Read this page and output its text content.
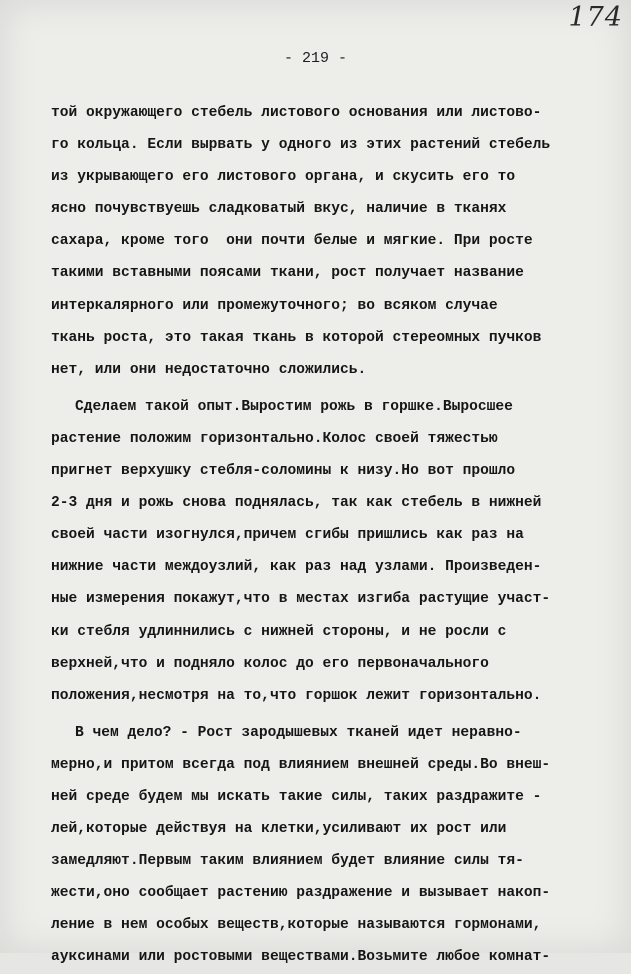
174
- 219 -
той окружающего стебель листового основания или листово-
го кольца. Если вырвать у одного из этих растений стебель
из укрывающего его листового органа, и скусить его то
ясно почувствуешь сладковатый вкус, наличие в тканях
сахара, кроме того  они почти белые и мягкие. При росте
такими вставными поясами ткани, рост получает название
интеркалярного или промежуточного; во всяком случае
ткань роста, это такая ткань в которой стереомных пучков
нет, или они недостаточно сложились.
Сделаем такой опыт.Выростим рожь в горшке.Выросшее
растение положим горизонтально.Колос своей тяжестью
пригнет верхушку стебля-соломины к низу.Но вот прошло
2-3 дня и рожь снова поднялась, так как стебель в нижней
своей части изогнулся,причем сгибы пришлись как раз на
нижние части междоузлий, как раз над узлами. Произведен-
ные измерения покажут,что в местах изгиба растущие участ-
ки стебля удлиннились с нижней стороны, и не росли с
верхней,что и подняло колос до его первоначального
положения,несмотря на то,что горшок лежит горизонтально.
В чем дело? - Рост зародышевых тканей идет неравно-
мерно,и притом всегда под влиянием внешней среды.Во внеш-
ней среде будем мы искать такие силы, таких раздражите -
лей,которые действуя на клетки,усиливают их рост или
замедляют.Первым таким влиянием будет влияние силы тя-
жести,оно сообщает растению раздражение и вызывает накоп-
ление в нем особых веществ,которые называются гормонами,
ауксинами или ростовыми веществами.Возьмите любое комнат-
